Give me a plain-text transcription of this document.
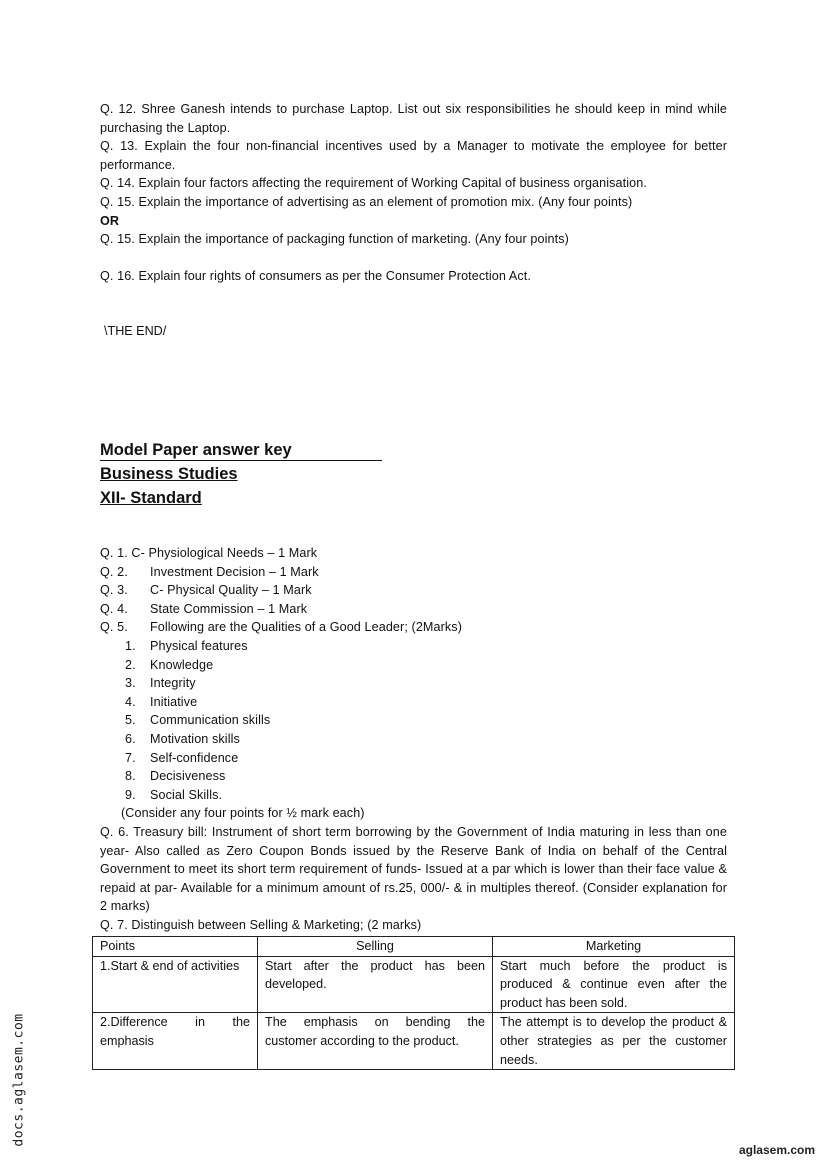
Q. 12. Shree Ganesh intends to purchase Laptop. List out six responsibilities he should keep in mind while purchasing the Laptop.

Q. 13. Explain the four non-financial incentives used by a Manager to motivate the employee for better performance.

Q. 14. Explain four factors affecting the requirement of Working Capital of business organisation.

Q. 15. Explain the importance of advertising as an element of promotion mix. (Any four points)

OR

Q. 15. Explain the importance of packaging function of marketing. (Any four points)

Q. 16. Explain four rights of consumers as per the Consumer Protection Act.

\THE END/
Model Paper answer key
Business Studies
XII- Standard

Q. 1. C- Physiological Needs – 1 Mark

Q. 2.	Investment Decision – 1 Mark
Q. 3.	C- Physical Quality – 1 Mark
Q. 4.	State Commission – 1 Mark
Q. 5.	Following are the Qualities of a Good Leader; (2Marks)
1.	Physical features
2.	Knowledge
3.	Integrity
4.	Initiative
5.	Communication skills
6.	Motivation skills
7.	Self-confidence
8.	Decisiveness
9.	Social Skills.

(Consider any four points for ½ mark each)

Q. 6. Treasury bill: Instrument of short term borrowing by the Government of India maturing in less than one year- Also called as Zero Coupon Bonds issued by the Reserve Bank of India on behalf of the Central Government to meet its short term requirement of funds- Issued at a par which is lower than their face value & repaid at par- Available for a minimum amount of rs.25, 000/- & in multiples thereof. (Consider explanation for 2 marks)

Q. 7. Distinguish between Selling & Marketing; (2 marks)

Points	Selling	Marketing
1.Start & end of activities	Start after the product has been developed.	Start much before the product is produced & continue even after the product has been sold.
2.Difference in the emphasis	The emphasis on bending the customer according to the product.	The attempt is to develop the product & other strategies as per the customer needs.
docs.aglasem.com
aglasem.com
